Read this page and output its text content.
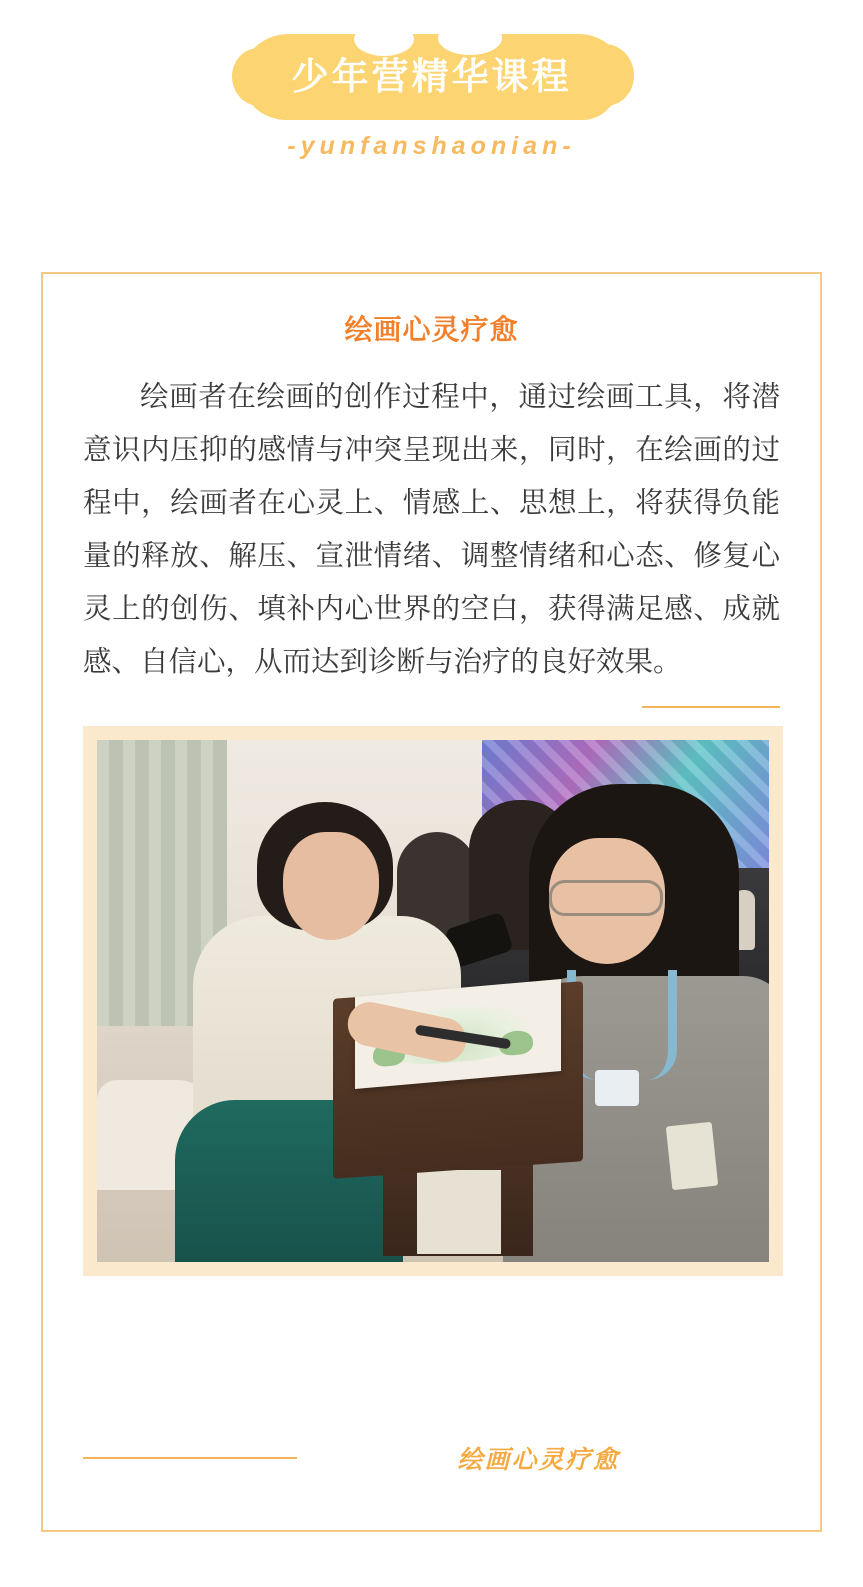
少年营精华课程
-yunfanshaonian-
绘画心灵疗愈
绘画者在绘画的创作过程中，通过绘画工具，将潜意识内压抑的感情与冲突呈现出来，同时，在绘画的过程中，绘画者在心灵上、情感上、思想上，将获得负能量的释放、解压、宣泄情绪、调整情绪和心态、修复心灵上的创伤、填补内心世界的空白，获得满足感、成就感、自信心，从而达到诊断与治疗的良好效果。
绘画心灵疗愈
